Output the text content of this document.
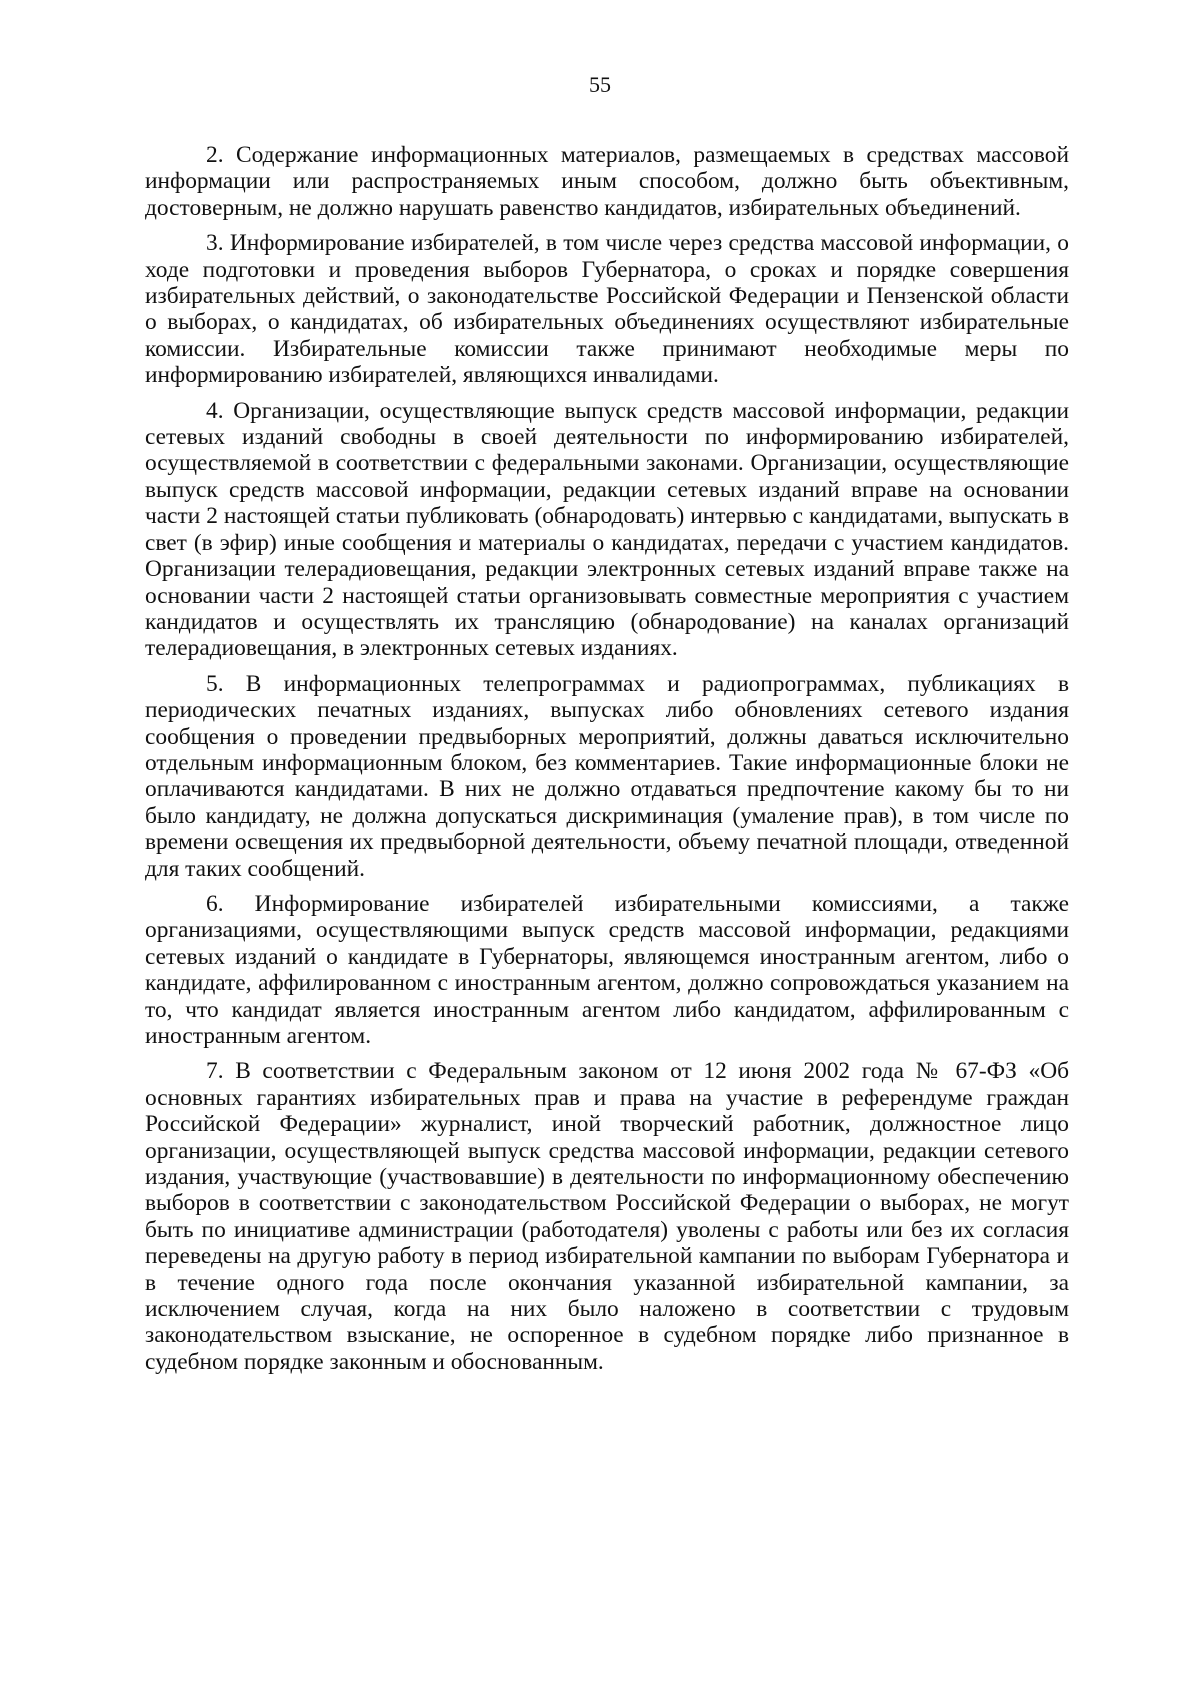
55

2. Содержание информационных материалов, размещаемых в средствах массовой информации или распространяемых иным способом, должно быть объективным, достоверным, не должно нарушать равенство кандидатов, избирательных объединений.

3. Информирование избирателей, в том числе через средства массовой информации, о ходе подготовки и проведения выборов Губернатора, о сроках и порядке совершения избирательных действий, о законодательстве Российской Федерации и Пензенской области о выборах, о кандидатах, об избирательных объединениях осуществляют избирательные комиссии. Избирательные комиссии также принимают необходимые меры по информированию избирателей, являющихся инвалидами.

4. Организации, осуществляющие выпуск средств массовой информации, редакции сетевых изданий свободны в своей деятельности по информированию избирателей, осуществляемой в соответствии с федеральными законами. Организации, осуществляющие выпуск средств массовой информации, редакции сетевых изданий вправе на основании части 2 настоящей статьи публиковать (обнародовать) интервью с кандидатами, выпускать в свет (в эфир) иные сообщения и материалы о кандидатах, передачи с участием кандидатов. Организации телерадиовещания, редакции электронных сетевых изданий вправе также на основании части 2 настоящей статьи организовывать совместные мероприятия с участием кандидатов и осуществлять их трансляцию (обнародование) на каналах организаций телерадиовещания, в электронных сетевых изданиях.

5. В информационных телепрограммах и радиопрограммах, публикациях в периодических печатных изданиях, выпусках либо обновлениях сетевого издания сообщения о проведении предвыборных мероприятий, должны даваться исключительно отдельным информационным блоком, без комментариев. Такие информационные блоки не оплачиваются кандидатами. В них не должно отдаваться предпочтение какому бы то ни было кандидату, не должна допускаться дискриминация (умаление прав), в том числе по времени освещения их предвыборной деятельности, объему печатной площади, отведенной для таких сообщений.

6. Информирование избирателей избирательными комиссиями, а также организациями, осуществляющими выпуск средств массовой информации, редакциями сетевых изданий о кандидате в Губернаторы, являющемся иностранным агентом, либо о кандидате, аффилированном с иностранным агентом, должно сопровождаться указанием на то, что кандидат является иностранным агентом либо кандидатом, аффилированным с иностранным агентом.

7. В соответствии с Федеральным законом от 12 июня 2002 года № 67-ФЗ «Об основных гарантиях избирательных прав и права на участие в референдуме граждан Российской Федерации» журналист, иной творческий работник, должностное лицо организации, осуществляющей выпуск средства массовой информации, редакции сетевого издания, участвующие (участвовавшие) в деятельности по информационному обеспечению выборов в соответствии с законодательством Российской Федерации о выборах, не могут быть по инициативе администрации (работодателя) уволены с работы или без их согласия переведены на другую работу в период избирательной кампании по выборам Губернатора и в течение одного года после окончания указанной избирательной кампании, за исключением случая, когда на них было наложено в соответствии с трудовым законодательством взыскание, не оспоренное в судебном порядке либо признанное в судебном порядке законным и обоснованным.
